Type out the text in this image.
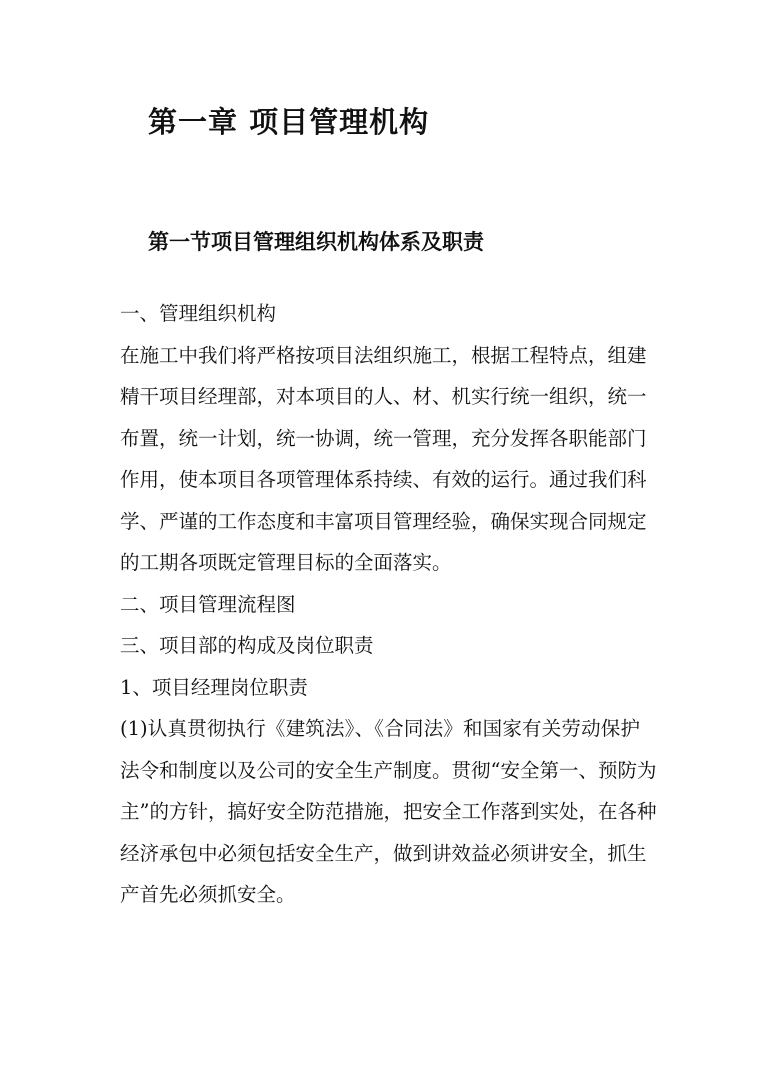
第一章 项目管理机构
第一节项目管理组织机构体系及职责
一、管理组织机构
在施工中我们将严格按项目法组织施工，根据工程特点，组建
精干项目经理部，对本项目的人、材、机实行统一组织，统一
布置，统一计划，统一协调，统一管理，充分发挥各职能部门
作用，使本项目各项管理体系持续、有效的运行。通过我们科
学、严谨的工作态度和丰富项目管理经验，确保实现合同规定
的工期各项既定管理目标的全面落实。
二、项目管理流程图
三、项目部的构成及岗位职责
1、项目经理岗位职责
(1)认真贯彻执行《建筑法》、《合同法》和国家有关劳动保护
法令和制度以及公司的安全生产制度。贯彻“安全第一、预防为
主”的方针，搞好安全防范措施，把安全工作落到实处，在各种
经济承包中必须包括安全生产，做到讲效益必须讲安全，抓生
产首先必须抓安全。
